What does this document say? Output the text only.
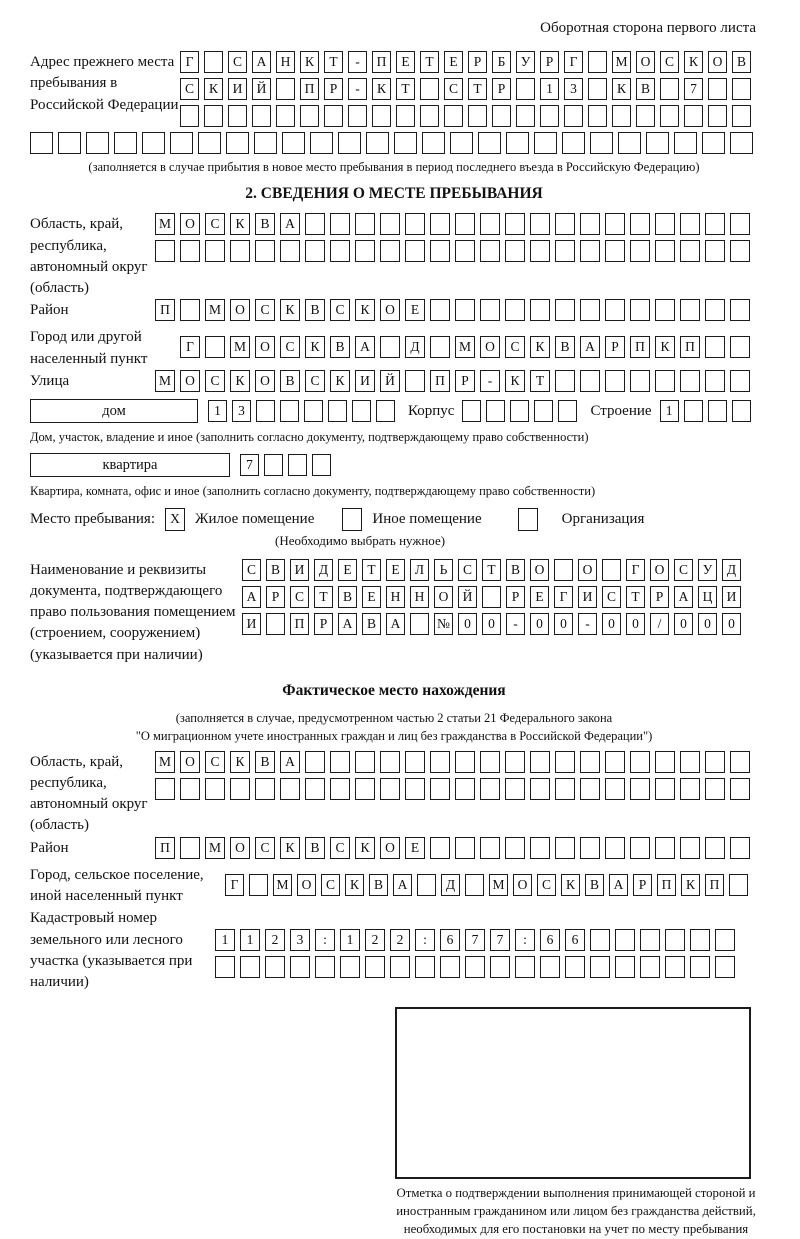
Оборотная сторона первого листа
Адрес прежнего места пребывания в Российской Федерации
Г	С	А	Н	К	Т	-	П	Е	Т	Е	Р	Б	У	Р	Г	М О	С	К	О	В
С	К	И	Й	П	Р	-	К	Т	С	Т	Р	1	3	К	В	7
(заполняется в случае прибытия в новое место пребывания в период последнего въезда в Российскую Федерацию)
2. СВЕДЕНИЯ О МЕСТЕ ПРЕБЫВАНИЯ
Область, край, республика, автономный округ (область)
М	О	С	К	В	А
Район	П	М	О	С	К	В	С	К	О	Е
Город или другой населенный пункт
Г	М	О	С	К	В	А	Д	М	О	С	К	В	А	Р	П	К	П
Улица	М	О	С	К	О	В	С	К	И	Й	П	Р	-	К	Т
дом	1	3	Корпус	Строение	1
Дом, участок, владение и иное (заполнить согласно документу, подтверждающему право собственности)
квартира	7
Квартира, комната, офис и иное (заполнить согласно документу, подтверждающему право собственности)
Место пребывания:	X	Жилое помещение	Иное помещение	Организация
(Необходимо выбрать нужное)
Наименование и реквизиты документа, подтверждающего право пользования помещением (строением, сооружением) (указывается при наличии)
С	В	И	Д	Е	Т	Е	Л	Ь	С	Т	В	О	О	Г	О	С	У	Д
А	Р	С	Т	В	Е	Н	Н	О	Й	Р	Е	Г	И	С	Т	Р	А	Ц	И
И	П	Р	А	В	А	№	0	0	-	0	0	-	0	0	/	0	0	0
Фактическое место нахождения
(заполняется в случае, предусмотренном частью 2 статьи 21 Федерального закона
"О миграционном учете иностранных граждан и лиц без гражданства в Российской Федерации")
Область, край, республика, автономный округ (область)
М	О	С	К	В	А
Район	П	М	О	С	К	В	С	К	О	Е
Город, сельское поселение, иной населенный пункт
Г	М О	С	К	В	А	Д	М О	С	К	В	А	Р	П	К	П
Кадастровый номер земельного или лесного участка (указывается при наличии)
1	1	2	3	:	1	2	2	:	6	7	7	:	6	6
Отметка о подтверждении выполнения принимающей стороной и иностранным гражданином или лицом без гражданства действий, необходимых для его постановки на учет по месту пребывания
